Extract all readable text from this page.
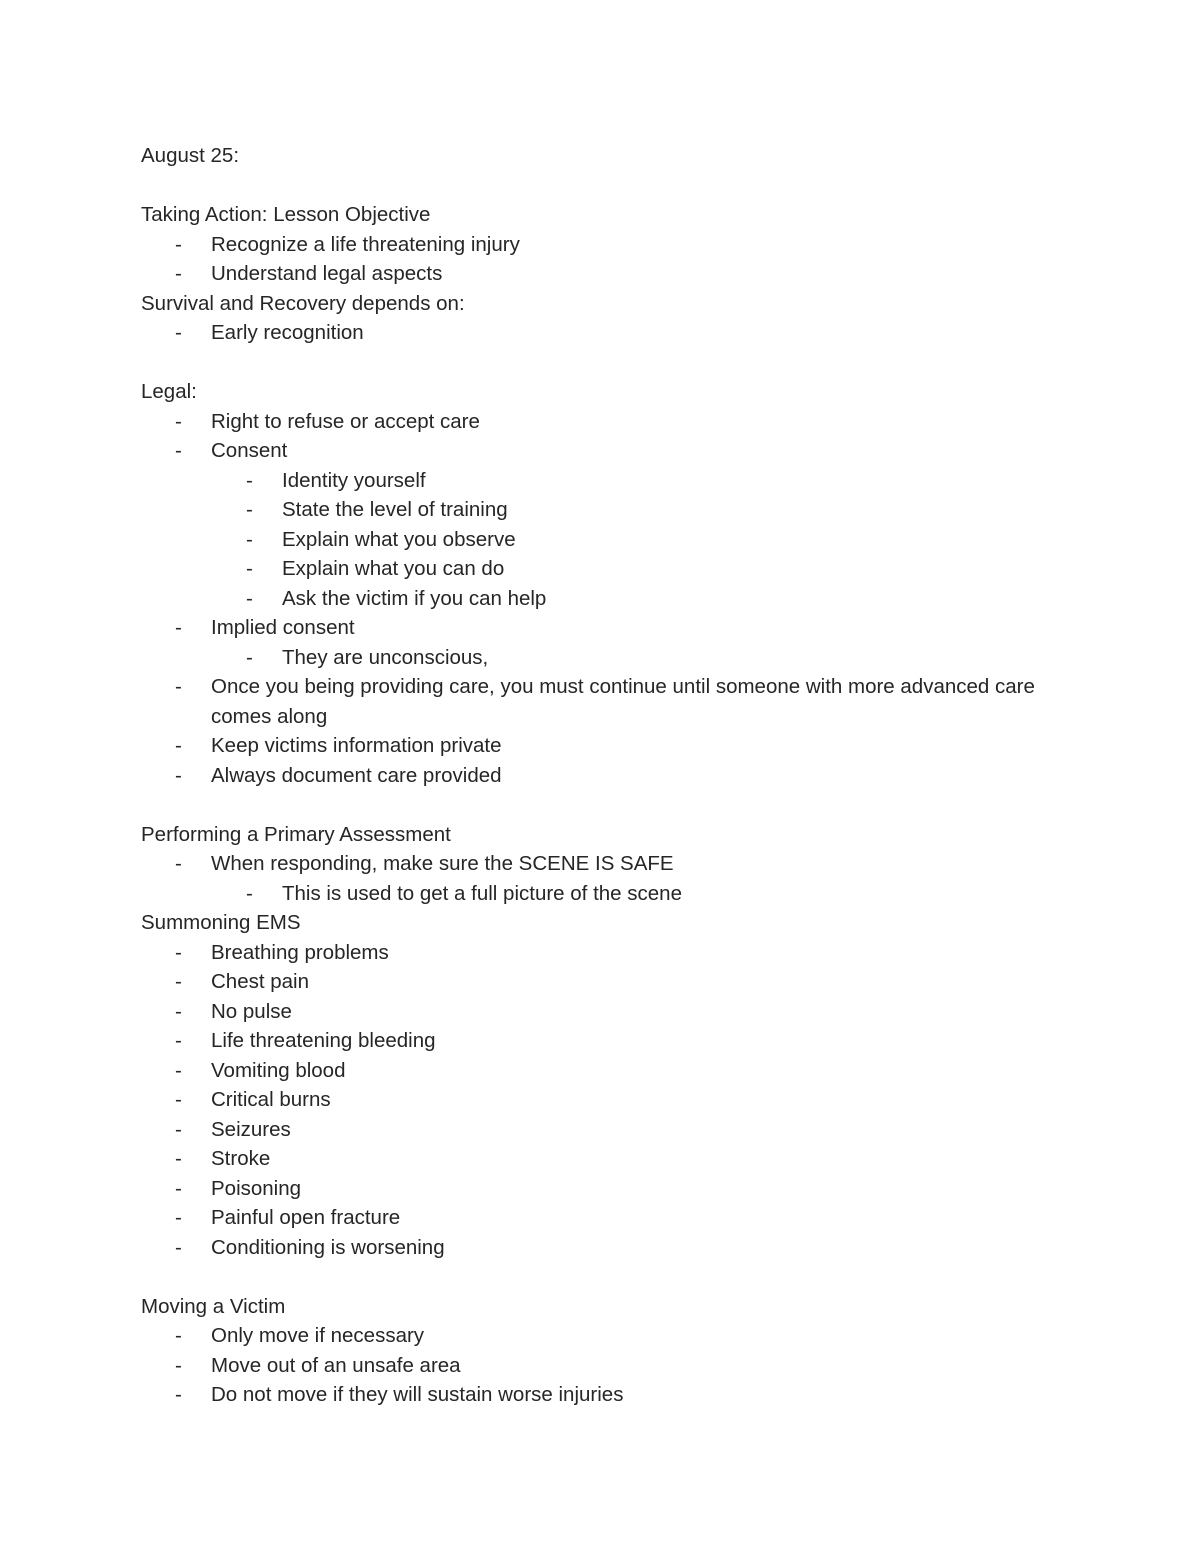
August 25:
Taking Action: Lesson Objective
- Recognize a life threatening injury
- Understand legal aspects
Survival and Recovery depends on:
- Early recognition
Legal:
- Right to refuse or accept care
- Consent
- Identity yourself
- State the level of training
- Explain what you observe
- Explain what you can do
- Ask the victim if you can help
- Implied consent
- They are unconscious,
- Once you being providing care, you must continue until someone with more advanced care comes along
- Keep victims information private
- Always document care provided
Performing a Primary Assessment
- When responding, make sure the SCENE IS SAFE
- This is used to get a full picture of the scene
Summoning EMS
- Breathing problems
- Chest pain
- No pulse
- Life threatening bleeding
- Vomiting blood
- Critical burns
- Seizures
- Stroke
- Poisoning
- Painful open fracture
- Conditioning is worsening
Moving a Victim
- Only move if necessary
- Move out of an unsafe area
- Do not move if they will sustain worse injuries
